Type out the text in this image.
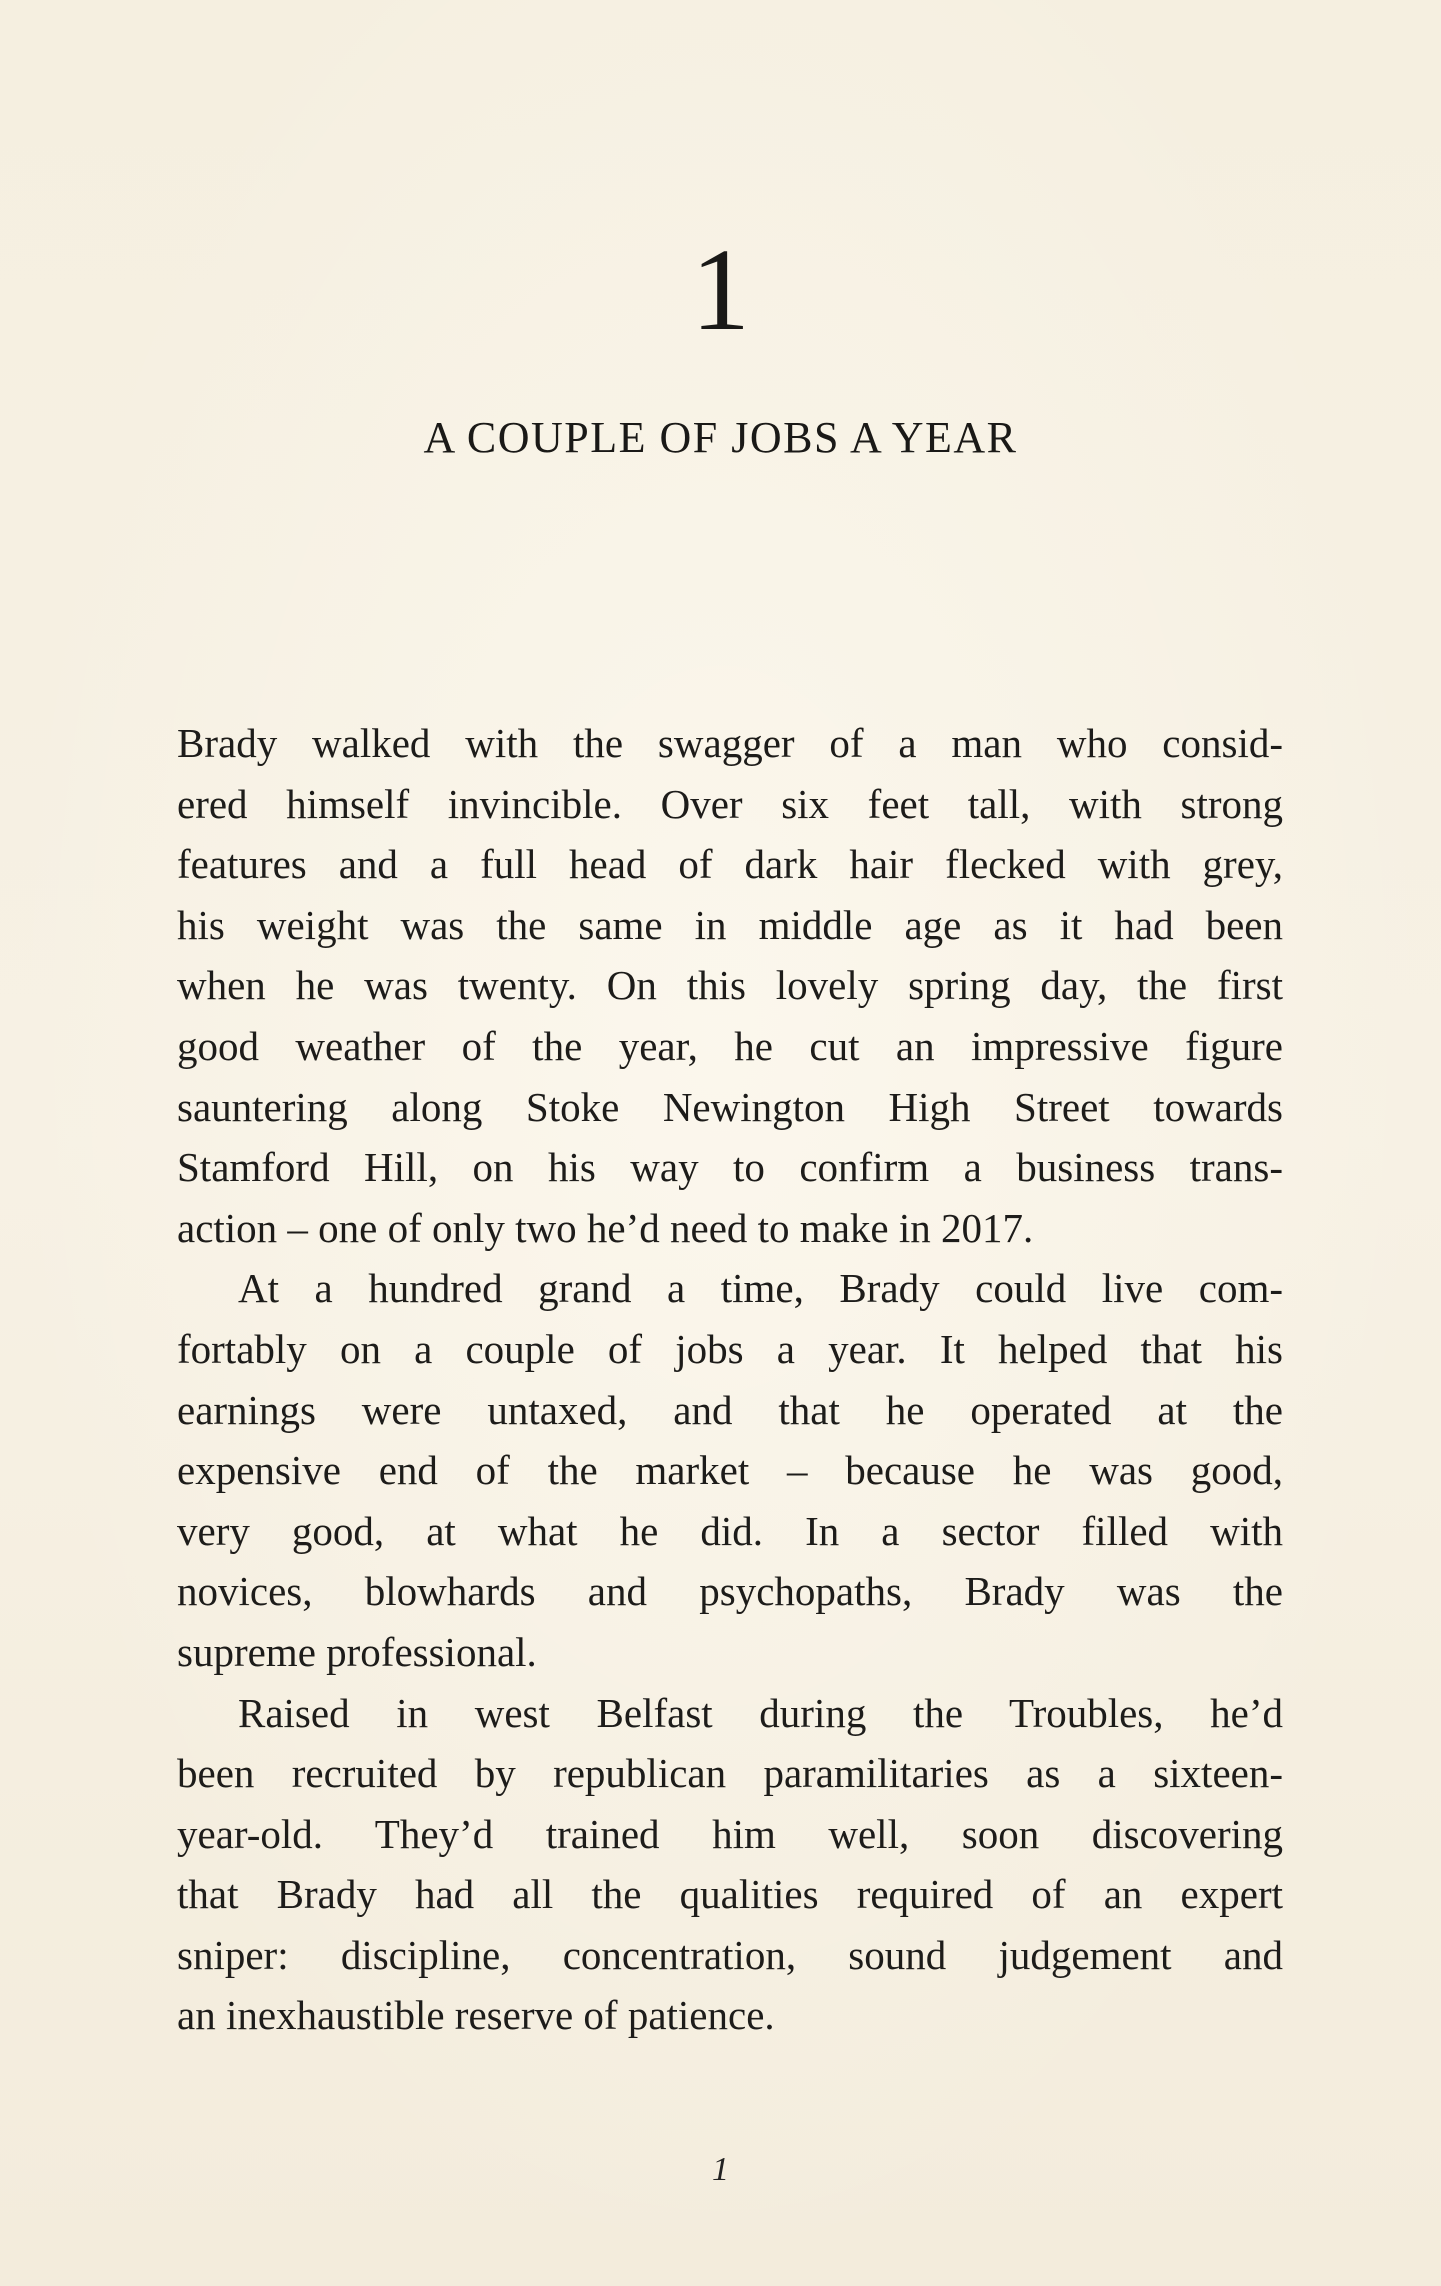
1
A COUPLE OF JOBS A YEAR
Brady walked with the swagger of a man who consid-
ered himself invincible. Over six feet tall, with strong
features and a full head of dark hair flecked with grey,
his weight was the same in middle age as it had been
when he was twenty. On this lovely spring day, the first
good weather of the year, he cut an impressive figure
sauntering along Stoke Newington High Street towards
Stamford Hill, on his way to confirm a business trans-
action – one of only two he’d need to make in 2017.
At a hundred grand a time, Brady could live com-
fortably on a couple of jobs a year. It helped that his
earnings were untaxed, and that he operated at the
expensive end of the market – because he was good,
very good, at what he did. In a sector filled with
novices, blowhards and psychopaths, Brady was the
supreme professional.
Raised in west Belfast during the Troubles, he’d
been recruited by republican paramilitaries as a sixteen-
year-old. They’d trained him well, soon discovering
that Brady had all the qualities required of an expert
sniper: discipline, concentration, sound judgement and
an inexhaustible reserve of patience.
1
